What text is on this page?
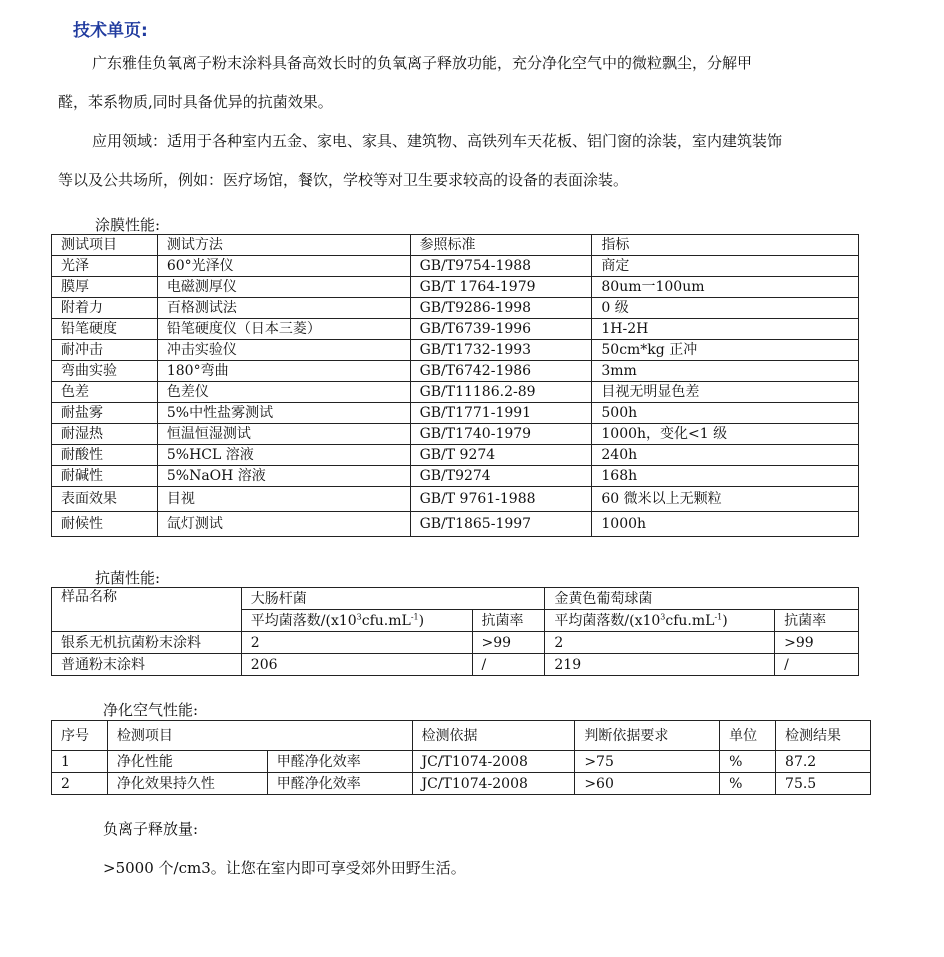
技术单页:
广东雅佳负氧离子粉末涂料具备高效长时的负氧离子释放功能，充分净化空气中的微粒飘尘，分解甲
醛，苯系物质,同时具备优异的抗菌效果。
应用领域：适用于各种室内五金、家电、家具、建筑物、高铁列车天花板、铝门窗的涂装，室内建筑装饰
等以及公共场所，例如：医疗场馆，餐饮，学校等对卫生要求较高的设备的表面涂装。
涂膜性能:
测试项目	测试方法	参照标准	指标
光泽	60°光泽仪	GB/T9754-1988	商定
膜厚	电磁测厚仪	GB/T 1764-1979	80um一100um
附着力	百格测试法	GB/T9286-1998	0 级
铅笔硬度	铅笔硬度仪（日本三菱）	GB/T6739-1996	1H-2H
耐冲击	冲击实验仪	GB/T1732-1993	50cm*kg 正冲
弯曲实验	180°弯曲	GB/T6742-1986	3mm
色差	色差仪	GB/T11186.2-89	目视无明显色差
耐盐雾	5%中性盐雾测试	GB/T1771-1991	500h
耐湿热	恒温恒湿测试	GB/T1740-1979	1000h，变化<1 级
耐酸性	5%HCL 溶液	GB/T 9274	240h
耐碱性	5%NaOH 溶液	GB/T9274	168h
表面效果	目视	GB/T 9761-1988	60 微米以上无颗粒
耐候性	氙灯测试	GB/T1865-1997	1000h
抗菌性能:
样品名称	大肠杆菌		金黄色葡萄球菌	
	平均菌落数$/(x10^3cfu.mL^{-1})$	抗菌率	平均菌落数$/(x10^3cfu.mL^{-1})$	抗菌率
银系无机抗菌粉末涂料	2	>99	2	>99
普通粉末涂料	206	/	219	/
净化空气性能:
序号	检测项目		检测依据	判断依据要求	单位	检测结果
1	净化性能	甲醛净化效率	JC/T1074-2008	>75	%	87.2
2	净化效果持久性	甲醛净化效率	JC/T1074-2008	>60	%	75.5
负离子释放量:
>5000 个/cm3。让您在室内即可享受郊外田野生活。
